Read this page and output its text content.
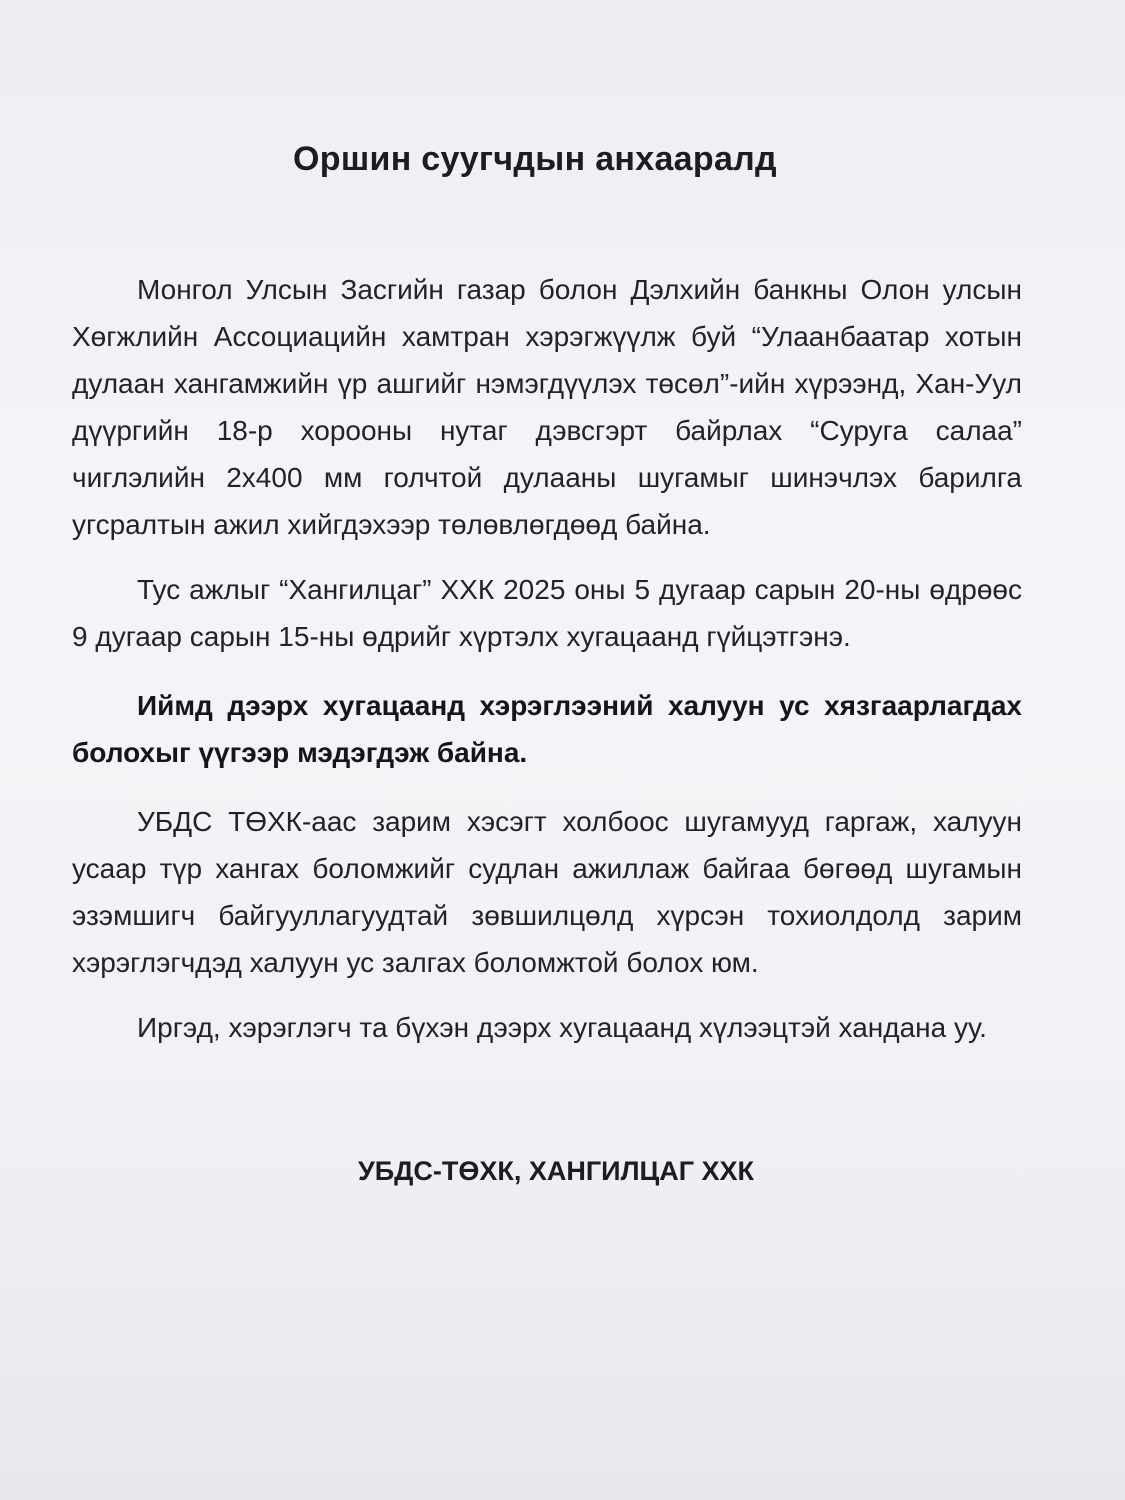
Оршин суугчдын анхааралд

Монгол Улсын Засгийн газар болон Дэлхийн банкны Олон улсын Хөгжлийн Ассоциацийн хамтран хэрэгжүүлж буй “Улаанбаатар хотын дулаан хангамжийн үр ашгийг нэмэгдүүлэх төсөл”-ийн хүрээнд, Хан-Уул дүүргийн 18-р хорооны нутаг дэвсгэрт байрлах “Суруга салаа” чиглэлийн 2х400 мм голчтой дулааны шугамыг шинэчлэх барилга угсралтын ажил хийгдэхээр төлөвлөгдөөд байна.

Тус ажлыг “Хангилцаг” ХХК 2025 оны 5 дугаар сарын 20-ны өдрөөс 9 дугаар сарын 15-ны өдрийг хүртэлх хугацаанд гүйцэтгэнэ.

Иймд дээрх хугацаанд хэрэглээний халуун ус хязгаарлагдах болохыг үүгээр мэдэгдэж байна.

УБДС ТӨХК-аас зарим хэсэгт холбоос шугамууд гаргаж, халуун усаар түр хангах боломжийг судлан ажиллаж байгаа бөгөөд шугамын эзэмшигч байгууллагуудтай зөвшилцөлд хүрсэн тохиолдолд зарим хэрэглэгчдэд халуун ус залгах боломжтой болох юм.

Иргэд, хэрэглэгч та бүхэн дээрх хугацаанд хүлээцтэй хандана уу.

УБДС-ТӨХК, ХАНГИЛЦАГ ХХК
